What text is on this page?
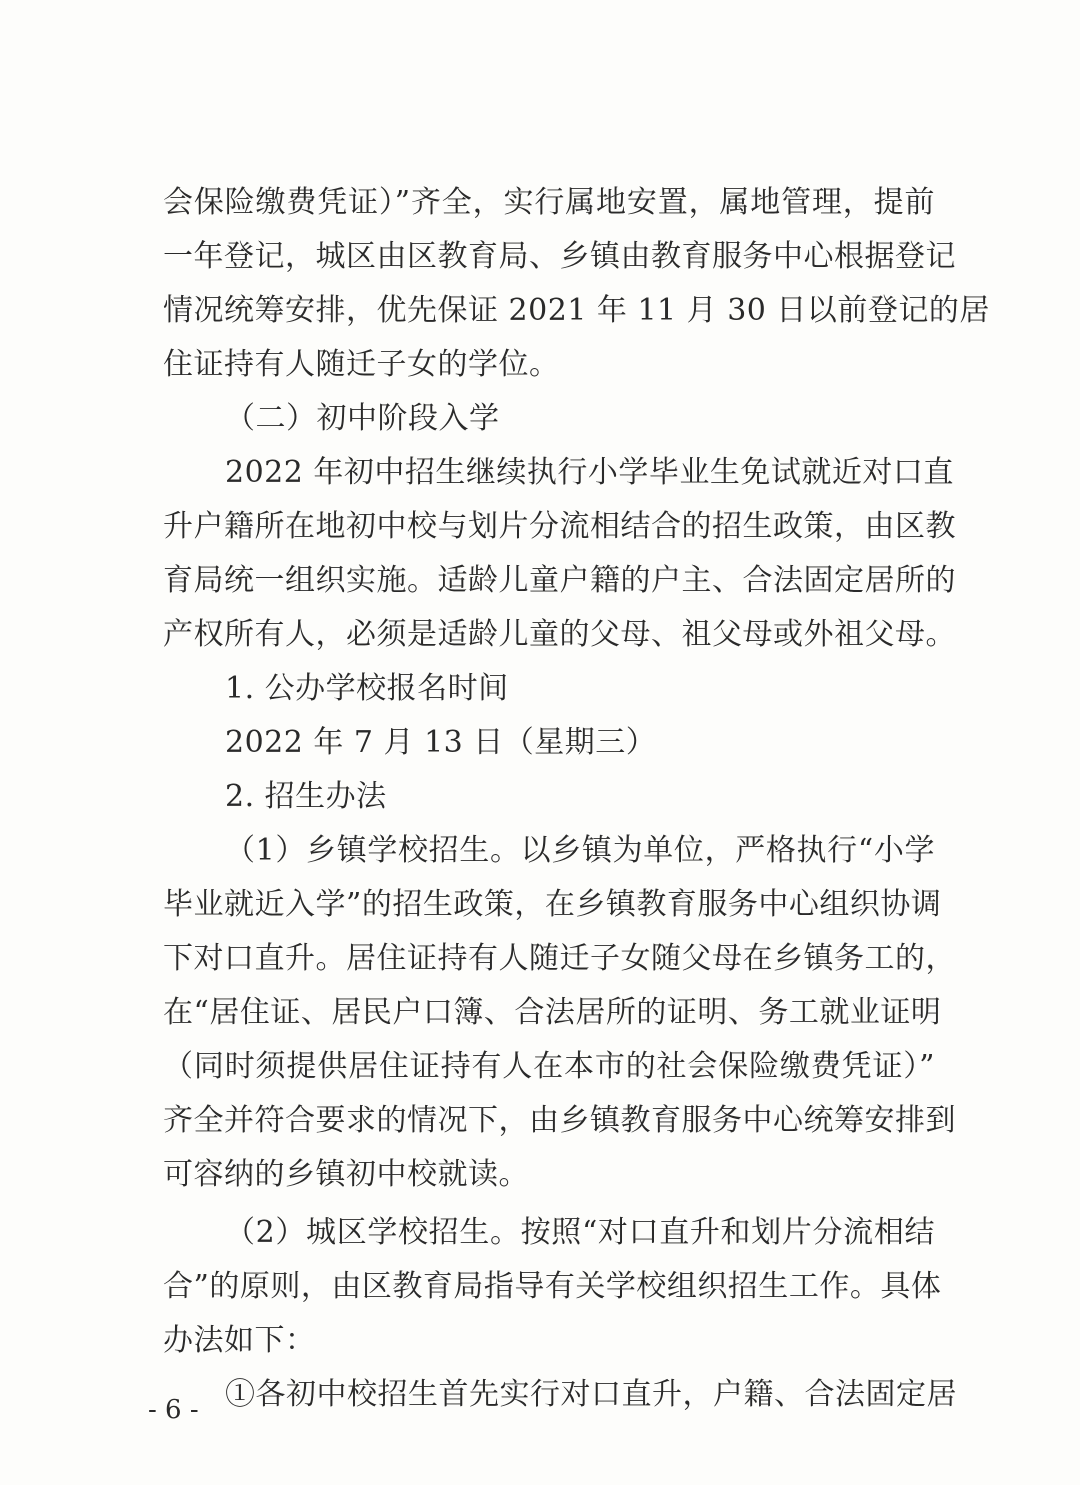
会保险缴费凭证）”齐全，实行属地安置，属地管理，提前
一年登记，城区由区教育局、乡镇由教育服务中心根据登记
情况统筹安排，优先保证 2021 年 11 月 30 日以前登记的居
住证持有人随迁子女的学位。
（二）初中阶段入学
2022 年初中招生继续执行小学毕业生免试就近对口直
升户籍所在地初中校与划片分流相结合的招生政策，由区教
育局统一组织实施。适龄儿童户籍的户主、合法固定居所的
产权所有人，必须是适龄儿童的父母、祖父母或外祖父母。
1. 公办学校报名时间
2022 年 7 月 13 日（星期三）
2. 招生办法
（1）乡镇学校招生。以乡镇为单位，严格执行“小学
毕业就近入学”的招生政策，在乡镇教育服务中心组织协调
下对口直升。居住证持有人随迁子女随父母在乡镇务工的，
在“居住证、居民户口簿、合法居所的证明、务工就业证明
（同时须提供居住证持有人在本市的社会保险缴费凭证）”
齐全并符合要求的情况下，由乡镇教育服务中心统筹安排到
可容纳的乡镇初中校就读。
（2）城区学校招生。按照“对口直升和划片分流相结
合”的原则，由区教育局指导有关学校组织招生工作。具体
办法如下：
①各初中校招生首先实行对口直升，户籍、合法固定居
- 6 -
